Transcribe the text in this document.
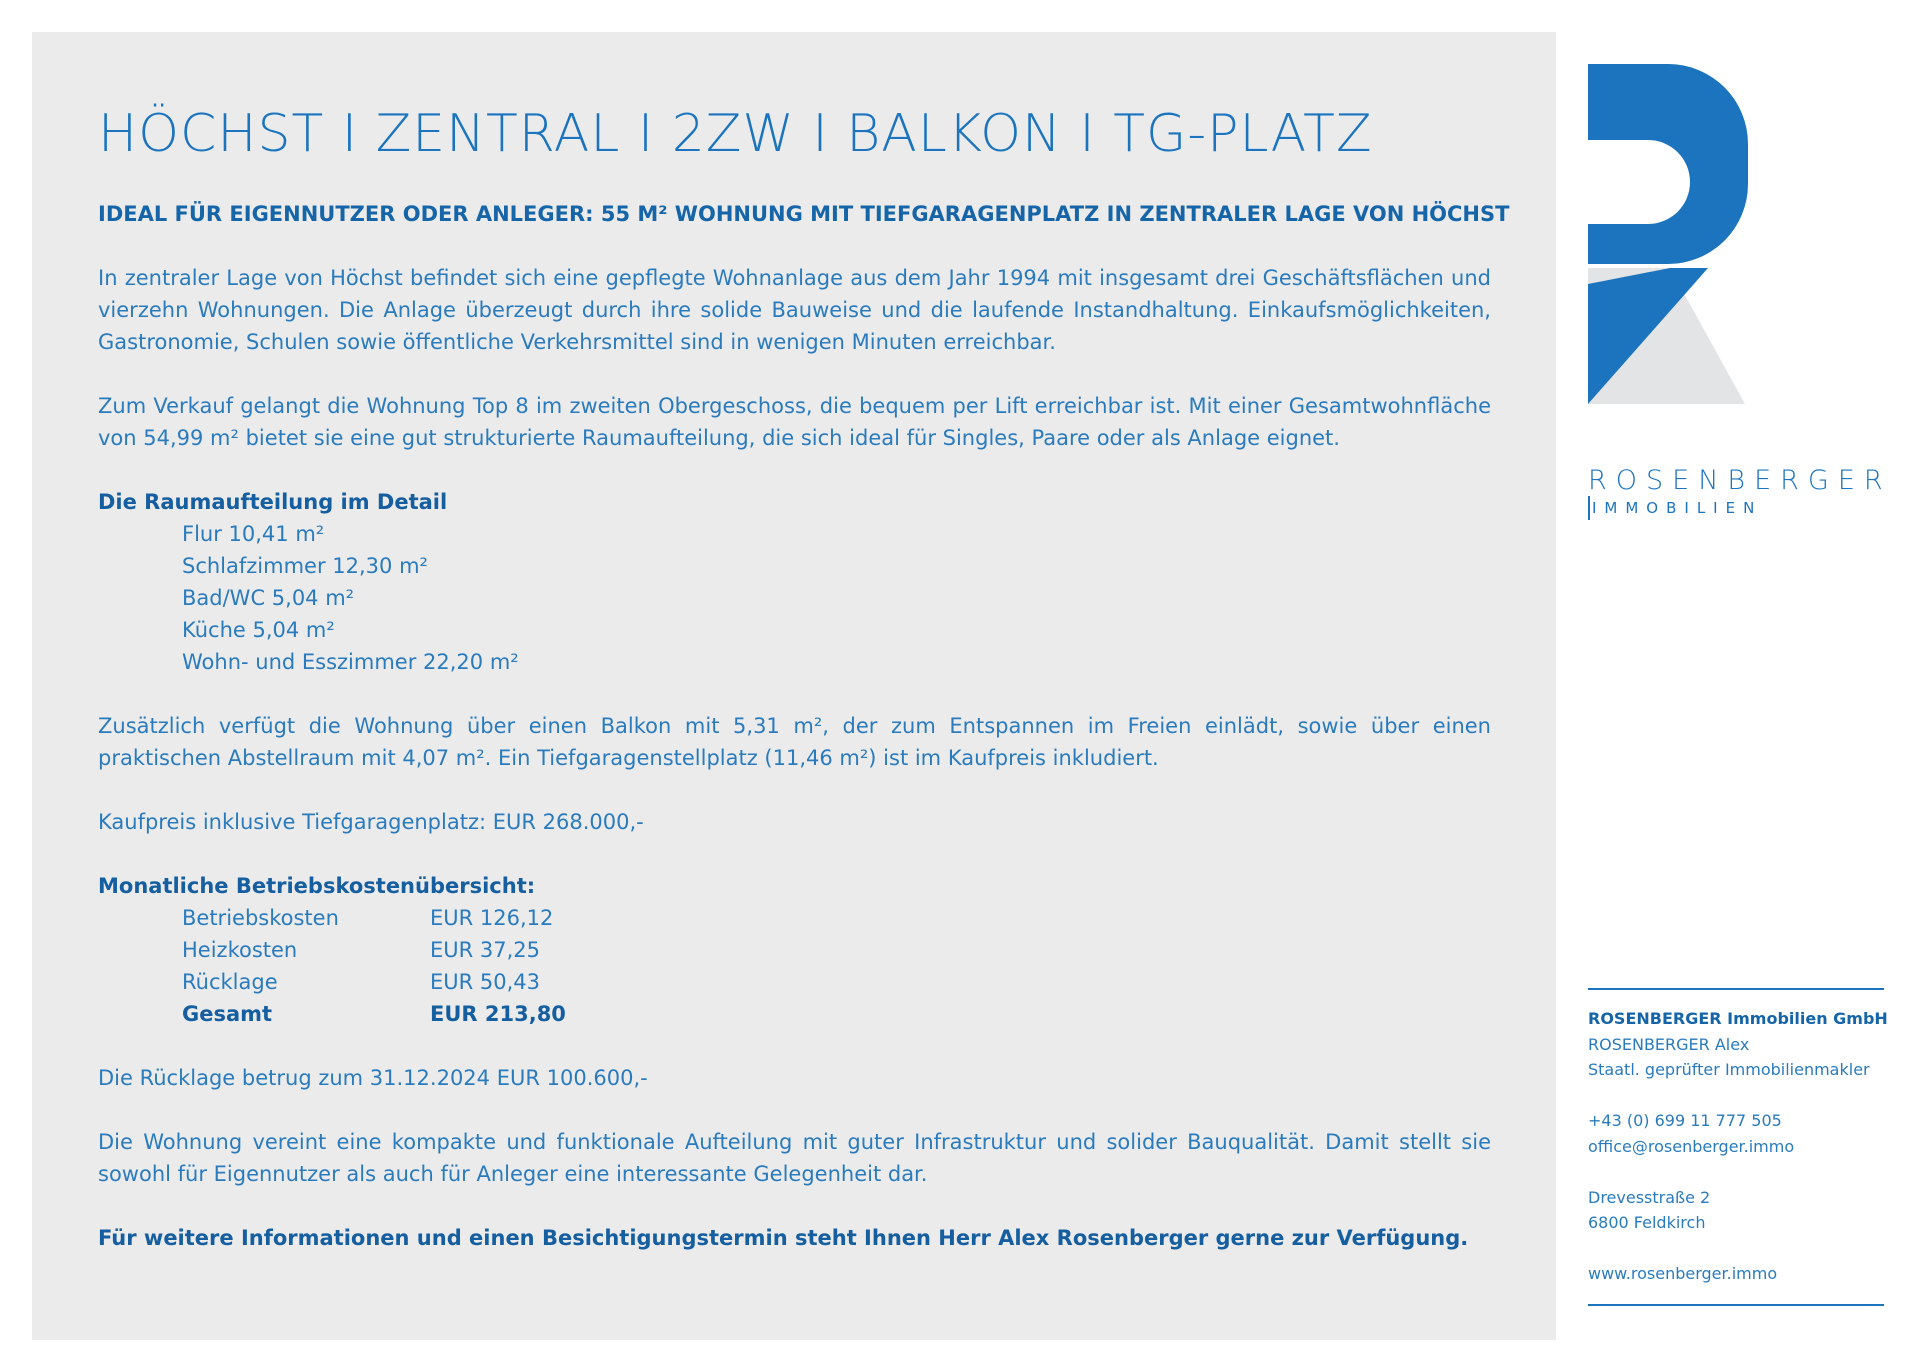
HÖCHST I ZENTRAL I 2ZW I BALKON I TG-PLATZ
IDEAL FÜR EIGENNUTZER ODER ANLEGER: 55 M² WOHNUNG MIT TIEFGARAGENPLATZ IN ZENTRALER LAGE VON HÖCHST
In zentraler Lage von Höchst befindet sich eine gepflegte Wohnanlage aus dem Jahr 1994 mit insgesamt drei Geschäftsflächen und vierzehn Wohnungen. Die Anlage überzeugt durch ihre solide Bauweise und die laufende Instandhaltung. Einkaufsmöglichkeiten, Gastronomie, Schulen sowie öffentliche Verkehrsmittel sind in wenigen Minuten erreichbar.
Zum Verkauf gelangt die Wohnung Top 8 im zweiten Obergeschoss, die bequem per Lift erreichbar ist. Mit einer Gesamtwohnfläche von 54,99 m² bietet sie eine gut strukturierte Raumaufteilung, die sich ideal für Singles, Paare oder als Anlage eignet.
Die Raumaufteilung im Detail
Flur 10,41 m²
Schlafzimmer 12,30 m²
Bad/WC 5,04 m²
Küche 5,04 m²
Wohn- und Esszimmer 22,20 m²
Zusätzlich verfügt die Wohnung über einen Balkon mit 5,31 m², der zum Entspannen im Freien einlädt, sowie über einen praktischen Abstellraum mit 4,07 m². Ein Tiefgaragenstellplatz (11,46 m²) ist im Kaufpreis inkludiert.
Kaufpreis inklusive Tiefgaragenplatz: EUR 268.000,-
Monatliche Betriebskostenübersicht:
Betriebskosten	EUR 126,12
Heizkosten	EUR 37,25
Rücklage	EUR 50,43
Gesamt	EUR 213,80
Die Rücklage betrug zum 31.12.2024 EUR 100.600,-
Die Wohnung vereint eine kompakte und funktionale Aufteilung mit guter Infrastruktur und solider Bauqualität. Damit stellt sie sowohl für Eigennutzer als auch für Anleger eine interessante Gelegenheit dar.
Für weitere Informationen und einen Besichtigungstermin steht Ihnen Herr Alex Rosenberger gerne zur Verfügung.
ROSENBERGER
IMMOBILIEN
ROSENBERGER Immobilien GmbH
ROSENBERGER Alex
Staatl. geprüfter Immobilienmakler
+43 (0) 699 11 777 505
office@rosenberger.immo
Drevesstraße 2
6800 Feldkirch
www.rosenberger.immo
